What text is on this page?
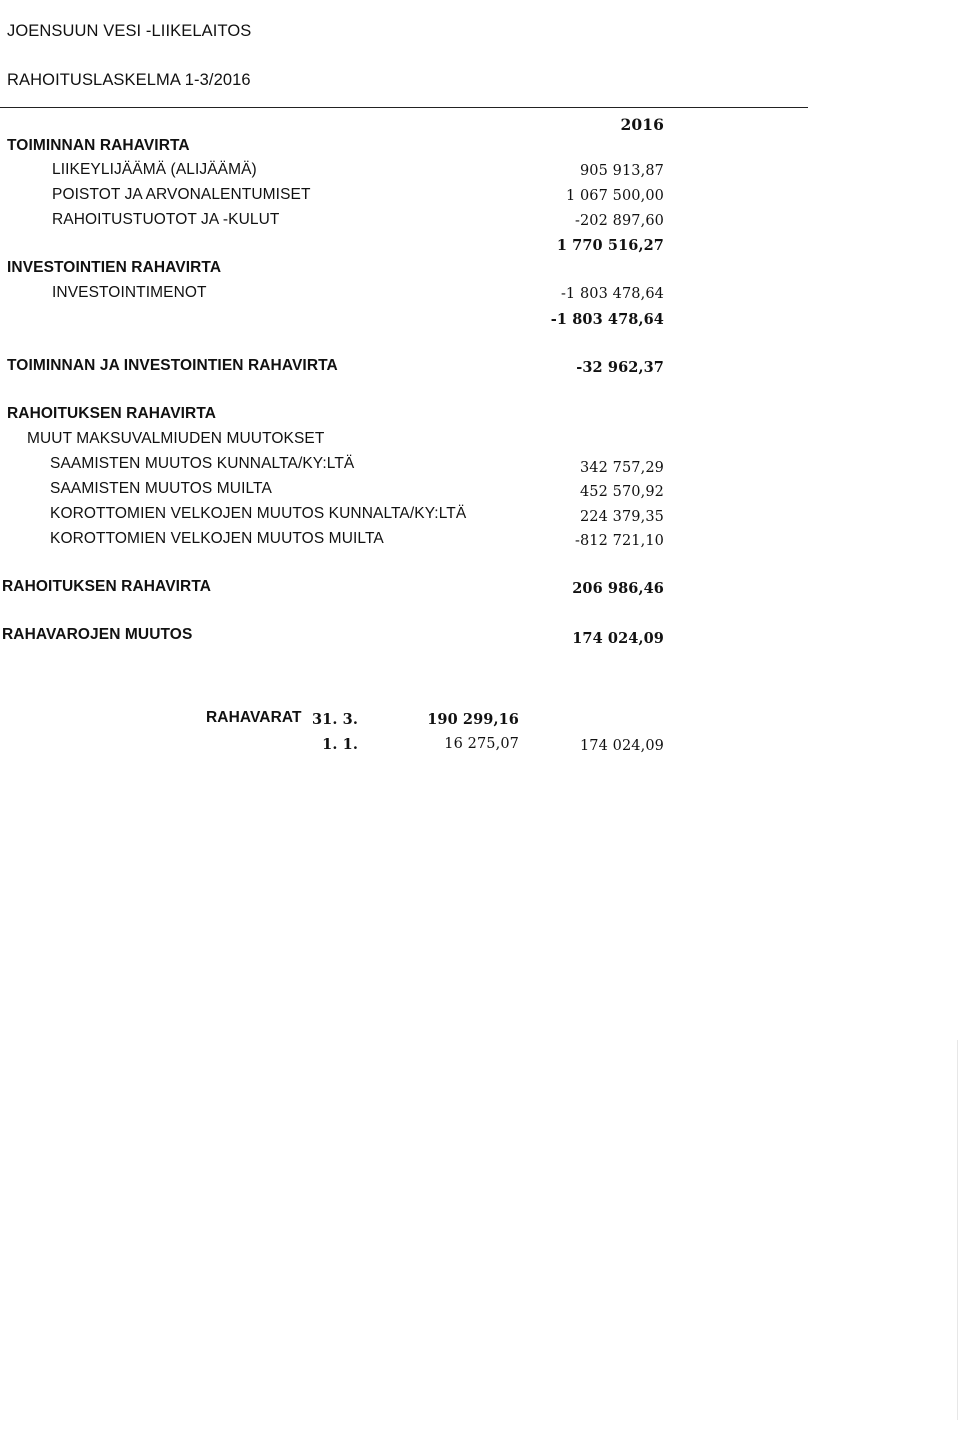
JOENSUUN VESI -LIIKELAITOS
RAHOITUSLASKELMA 1-3/2016
2016
TOIMINNAN RAHAVIRTA
LIIKEYLIJÄÄMÄ (ALIJÄÄMÄ)	905 913,87
POISTOT JA ARVONALENTUMISET	1 067 500,00
RAHOITUSTUOTOT JA -KULUT	-202 897,60
1 770 516,27
INVESTOINTIEN RAHAVIRTA
INVESTOINTIMENOT	-1 803 478,64
-1 803 478,64
TOIMINNAN JA INVESTOINTIEN RAHAVIRTA	-32 962,37
RAHOITUKSEN RAHAVIRTA
MUUT MAKSUVALMIUDEN MUUTOKSET
SAAMISTEN MUUTOS KUNNALTA/KY:LTÄ	342 757,29
SAAMISTEN MUUTOS MUILTA	452 570,92
KOROTTOMIEN VELKOJEN MUUTOS KUNNALTA/KY:LTÄ	224 379,35
KOROTTOMIEN VELKOJEN MUUTOS MUILTA	-812 721,10
RAHOITUKSEN RAHAVIRTA	206 986,46
RAHAVAROJEN MUUTOS	174 024,09
RAHAVARAT 31. 3.	190 299,16
1. 1.	16 275,07	174 024,09
